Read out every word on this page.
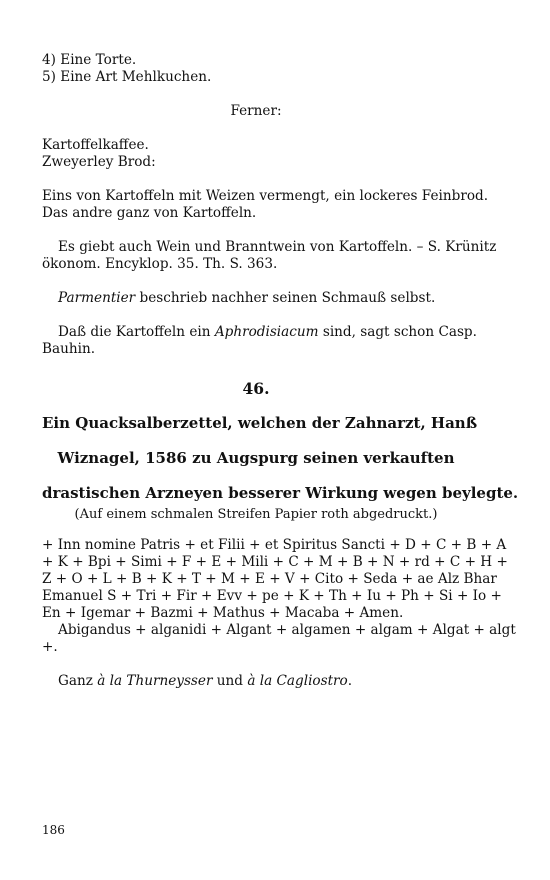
4) Eine Torte.
5) Eine Art Mehlkuchen.
Ferner:
Kartoffelkaffee.
Zweyerley Brod:
Eins von Kartoffeln mit Weizen vermengt, ein lockeres Feinbrod.
Das andre ganz von Kartoffeln.
Es giebt auch Wein und Branntwein von Kartoffeln. – S. Krünitz
ökonom. Encyklop. 35. Th. S. 363.
Parmentier beschrieb nachher seinen Schmauß selbst.
Daß die Kartoffeln ein Aphrodisiacum sind, sagt schon Casp.
Bauhin.
46.
Ein Quacksalberzettel, welchen der Zahnarzt, Hanß
Wiznagel, 1586 zu Augspurg seinen verkauften
drastischen Arzneyen besserer Wirkung wegen beylegte.
(Auf einem schmalen Streifen Papier roth abgedruckt.)
+ Inn nomine Patris + et Filii + et Spiritus Sancti + D + C + B + A
+ K + Bpi + Simi + F + E + Mili + C + M + B + N + rd + C + H +
Z + O + L + B + K + T + M + E + V + Cito + Seda + ae Alz Bhar
Emanuel S + Tri + Fir + Evv + pe + K + Th + Iu + Ph + Si + Io +
En + Igemar + Bazmi + Mathus + Macaba + Amen.
Abigandus + alganidi + Algant + algamen + algam + Algat + algt
+.
Ganz à la Thurneysser und à la Cagliostro.
186
